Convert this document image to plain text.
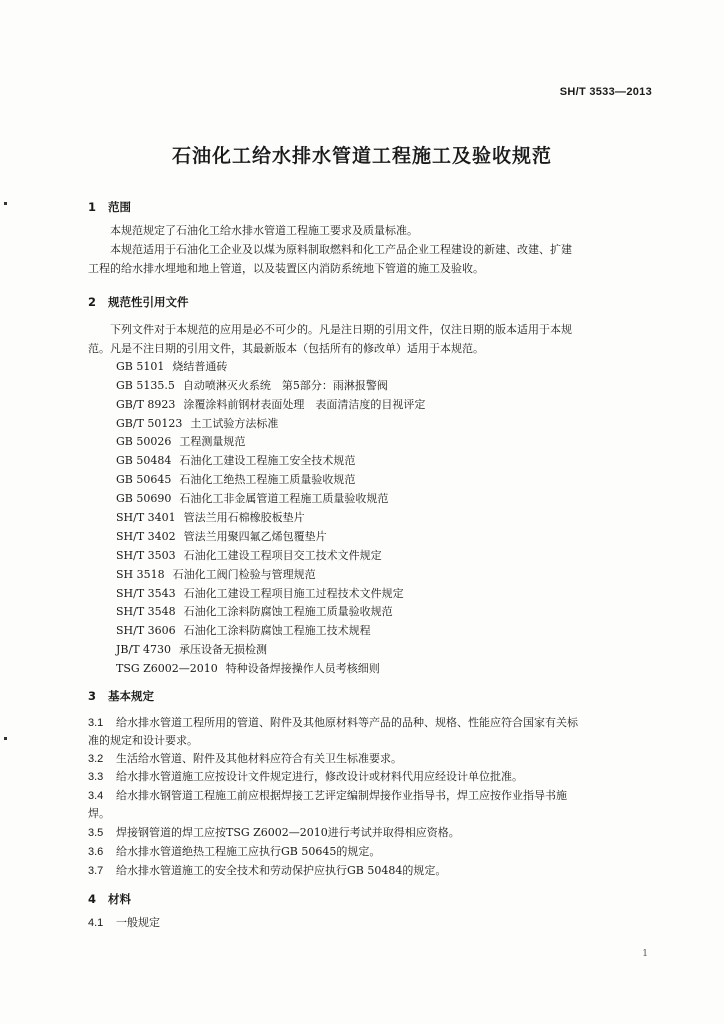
SH/T 3533—2013
石油化工给水排水管道工程施工及验收规范
1 范围
　　本规范规定了石油化工给水排水管道工程施工要求及质量标准。
　　本规范适用于石油化工企业及以煤为原料制取燃料和化工产品企业工程建设的新建、改建、扩建
工程的给水排水埋地和地上管道，以及装置区内消防系统地下管道的施工及验收。
2 规范性引用文件
　　下列文件对于本规范的应用是必不可少的。凡是注日期的引用文件，仅注日期的版本适用于本规
范。凡是不注日期的引用文件，其最新版本（包括所有的修改单）适用于本规范。
GB 5101 烧结普通砖
GB 5135.5 自动喷淋灭火系统　第5部分：雨淋报警阀
GB/T 8923 涂覆涂料前钢材表面处理　表面清洁度的目视评定
GB/T 50123 土工试验方法标准
GB 50026 工程测量规范
GB 50484 石油化工建设工程施工安全技术规范
GB 50645 石油化工绝热工程施工质量验收规范
GB 50690 石油化工非金属管道工程施工质量验收规范
SH/T 3401 管法兰用石棉橡胶板垫片
SH/T 3402 管法兰用聚四氟乙烯包覆垫片
SH/T 3503 石油化工建设工程项目交工技术文件规定
SH 3518 石油化工阀门检验与管理规范
SH/T 3543 石油化工建设工程项目施工过程技术文件规定
SH/T 3548 石油化工涂料防腐蚀工程施工质量验收规范
SH/T 3606 石油化工涂料防腐蚀工程施工技术规程
JB/T 4730 承压设备无损检测
TSG Z6002—2010 特种设备焊接操作人员考核细则
3 基本规定
3.1 给水排水管道工程所用的管道、附件及其他原材料等产品的品种、规格、性能应符合国家有关标
准的规定和设计要求。
3.2 生活给水管道、附件及其他材料应符合有关卫生标准要求。
3.3 给水排水管道施工应按设计文件规定进行，修改设计或材料代用应经设计单位批准。
3.4 给水排水钢管道工程施工前应根据焊接工艺评定编制焊接作业指导书，焊工应按作业指导书施
焊。
3.5 焊接钢管道的焊工应按TSG Z6002—2010进行考试并取得相应资格。
3.6 给水排水管道绝热工程施工应执行GB 50645的规定。
3.7 给水排水管道施工的安全技术和劳动保护应执行GB 50484的规定。
4 材料
4.1 一般规定
1
